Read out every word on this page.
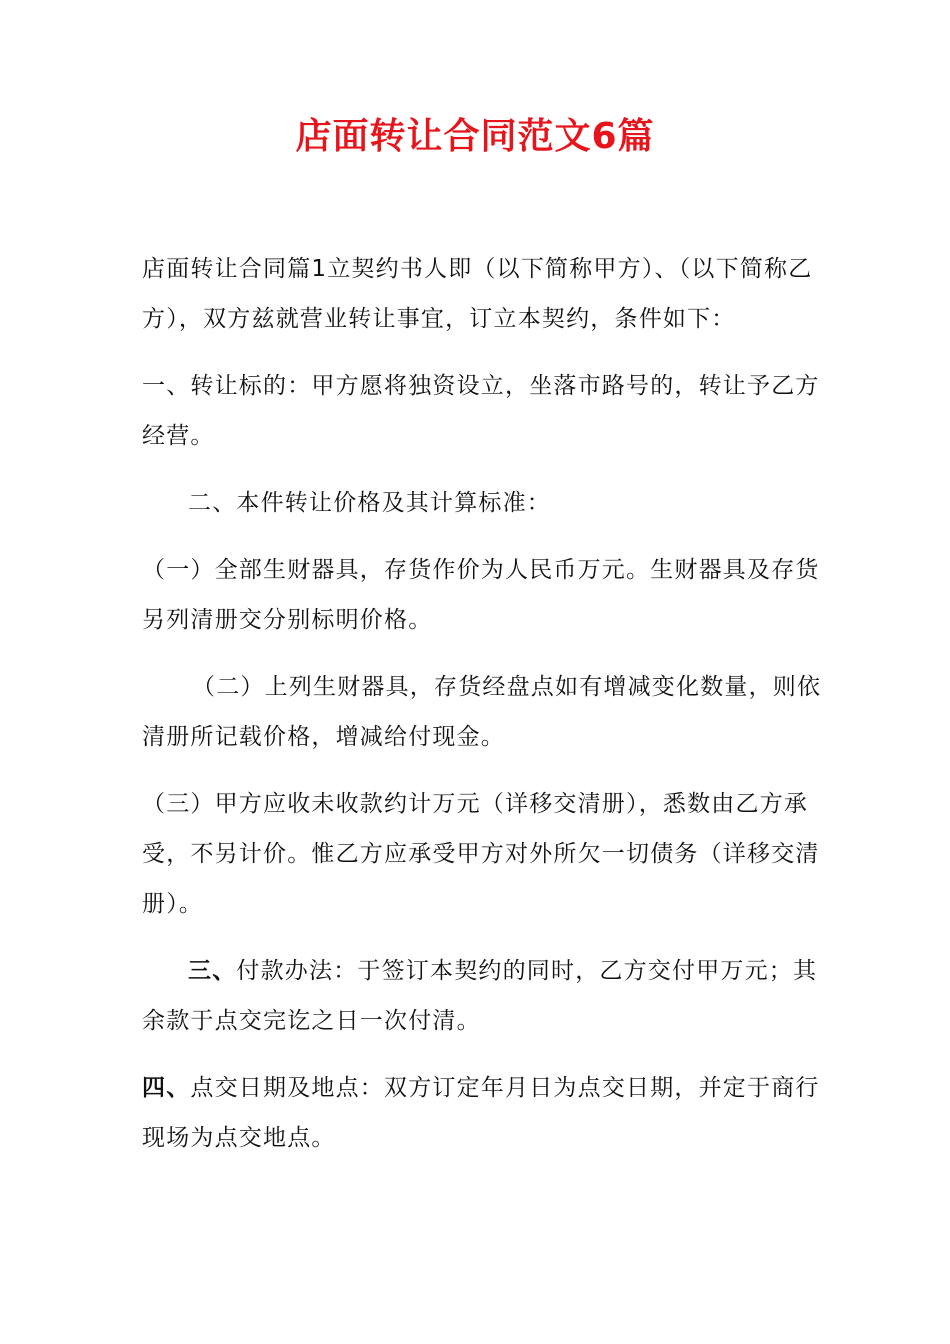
店面转让合同范文6篇

店面转让合同篇1立契约书人即（以下简称甲方）、（以下简称乙方），双方兹就营业转让事宜，订立本契约，条件如下：

一、转让标的：甲方愿将独资设立，坐落市路号的，转让予乙方经营。

二、本件转让价格及其计算标准：

（一）全部生财器具，存货作价为人民币万元。生财器具及存货另列清册交分别标明价格。

（二）上列生财器具，存货经盘点如有增减变化数量，则依清册所记载价格，增减给付现金。

（三）甲方应收未收款约计万元（详移交清册），悉数由乙方承受，不另计价。惟乙方应承受甲方对外所欠一切债务（详移交清册）。

三、付款办法：于签订本契约的同时，乙方交付甲万元；其余款于点交完讫之日一次付清。

四、点交日期及地点：双方订定年月日为点交日期，并定于商行现场为点交地点。
